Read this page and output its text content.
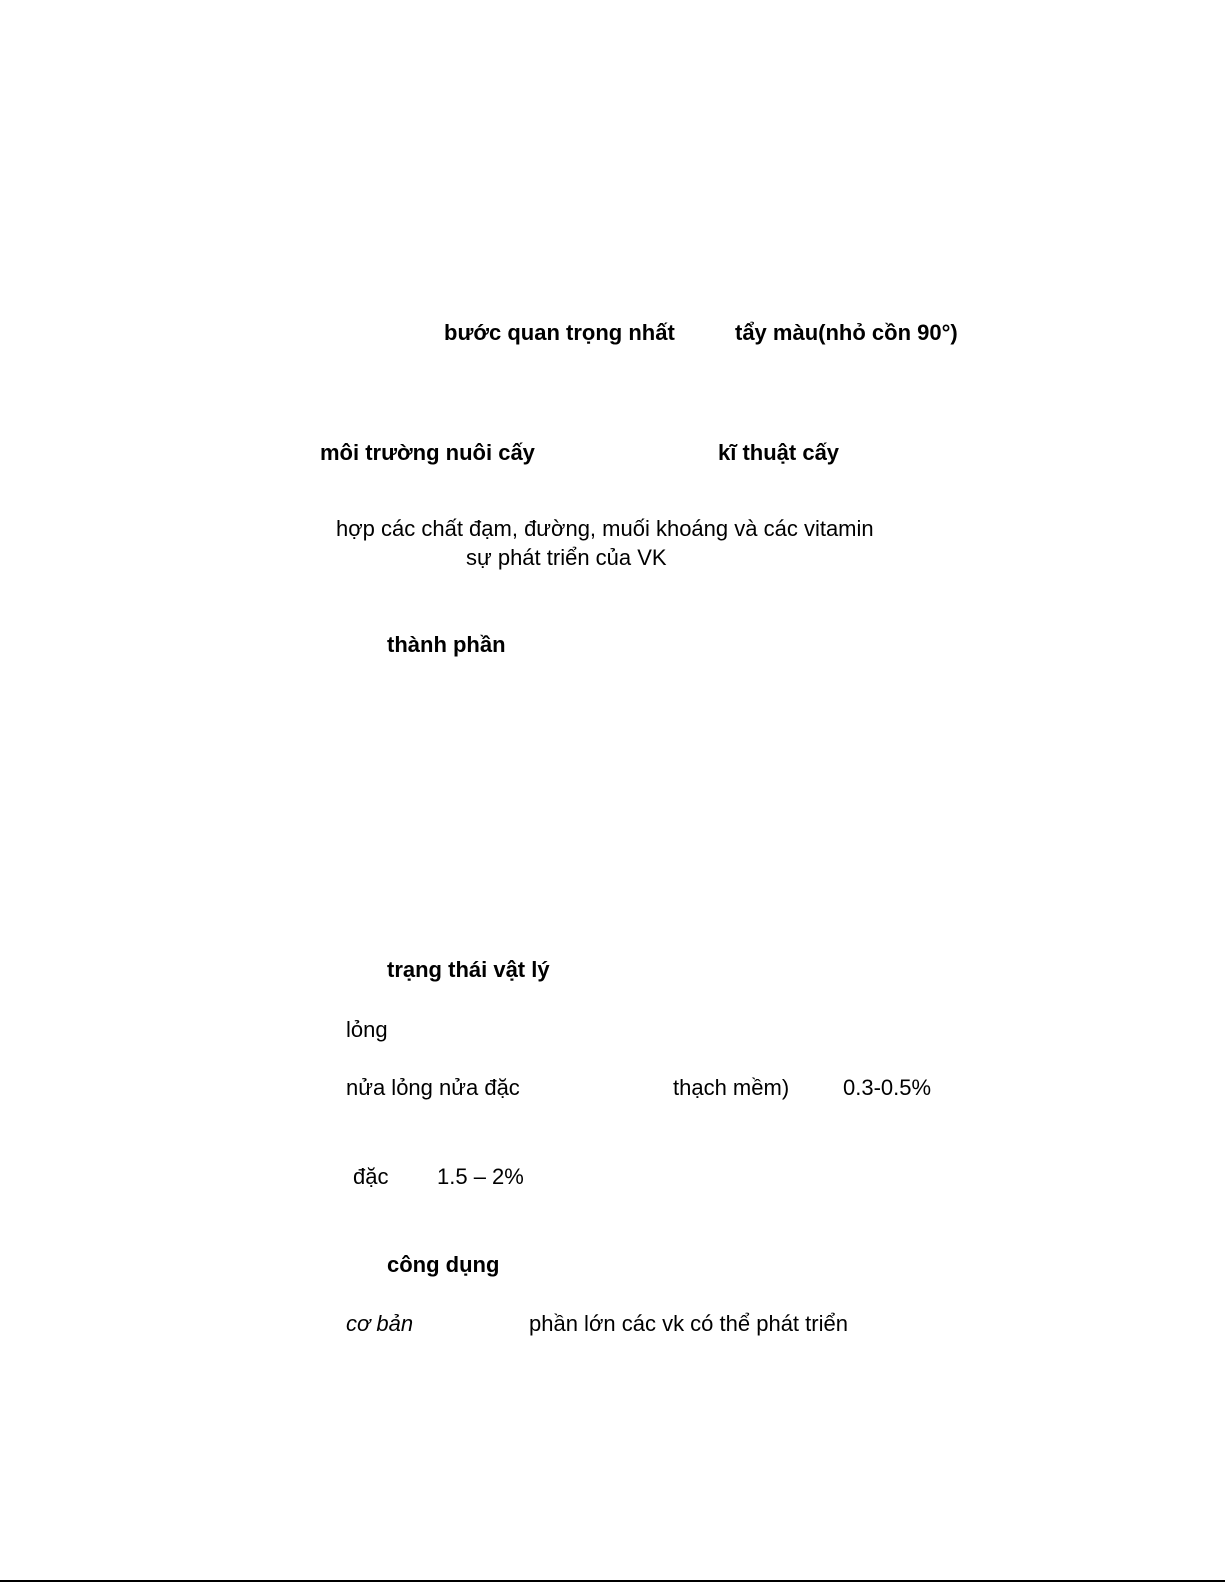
bước quan trọng nhất	tẩy màu(nhỏ cồn 90°)
môi trường nuôi cấy	kĩ thuật cấy
hợp các chất đạm, đường, muối khoáng và các vitamin
sự phát triển của VK
thành phần
trạng thái vật lý
lỏng
nửa lỏng nửa đặc	thạch mềm) 0.3-0.5%
đặc 1.5 – 2%
công dụng
cơ bản	phần lớn các vk có thể phát triển
